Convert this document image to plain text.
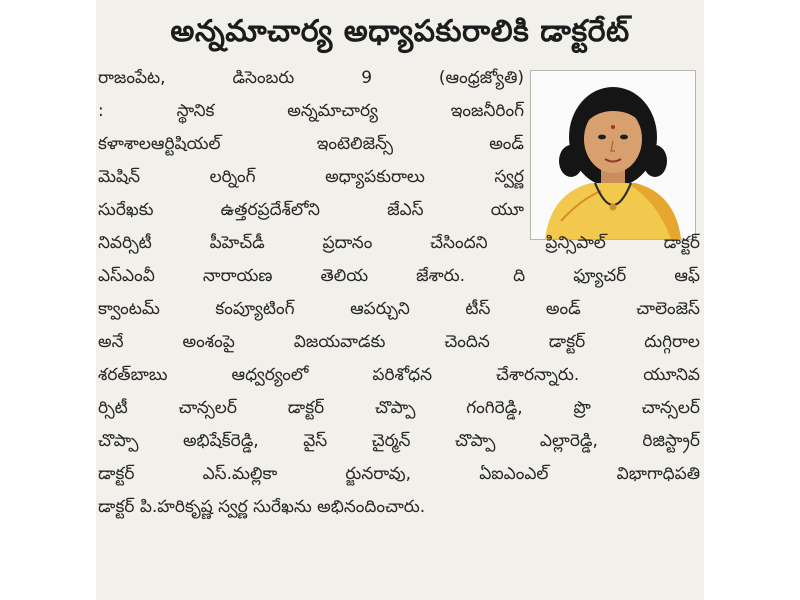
అన్నమాచార్య అధ్యాపకురాలికి డాక్టరేట్
రాజంపేట, డిసెంబరు 9 (ఆంధ్రజ్యోతి)
: స్థానిక అన్నమాచార్య ఇంజనీరింగ్
కళాశాలఆర్టిషియల్ ఇంటెలిజెన్స్ అండ్
మెషిన్ లర్నింగ్ అధ్యాపకురాలు స్వర్ణ
సురేఖకు ఉత్తరప్రదేశ్‌లోని జేఎస్ యూ
నివర్సిటీ పీహెచ్‌డీ ప్రదానం చేసిందని ప్రిన్సిపాల్ డాక్టర్
ఎస్‌ఎంవీ నారాయణ తెలియ జేశారు. ది ఫ్యూచర్ ఆఫ్
క్వాంటమ్ కంప్యూటింగ్ ఆపర్చుని టీస్ అండ్ చాలెంజెస్
అనే అంశంపై విజయవాడకు చెందిన డాక్టర్ దుగ్గిరాల
శరత్‌బాబు ఆధ్వర్యంలో పరిశోధన చేశారన్నారు. యూనివ
ర్సిటీ చాన్సలర్ డాక్టర్ చొప్పా గంగిరెడ్డి, ప్రొ చాన్సలర్
చొప్పా అభిషేక్‌రెడ్డి, వైస్ చైర్మన్ చొప్పా ఎల్లారెడ్డి, రిజిస్ట్రార్
డాక్టర్ ఎస్.మల్లికా ర్జునరావు, ఏఐఎంఎల్ విభాగాధిపతి
డాక్టర్ పి.హరికృష్ణ స్వర్ణ సురేఖను అభినందించారు.
